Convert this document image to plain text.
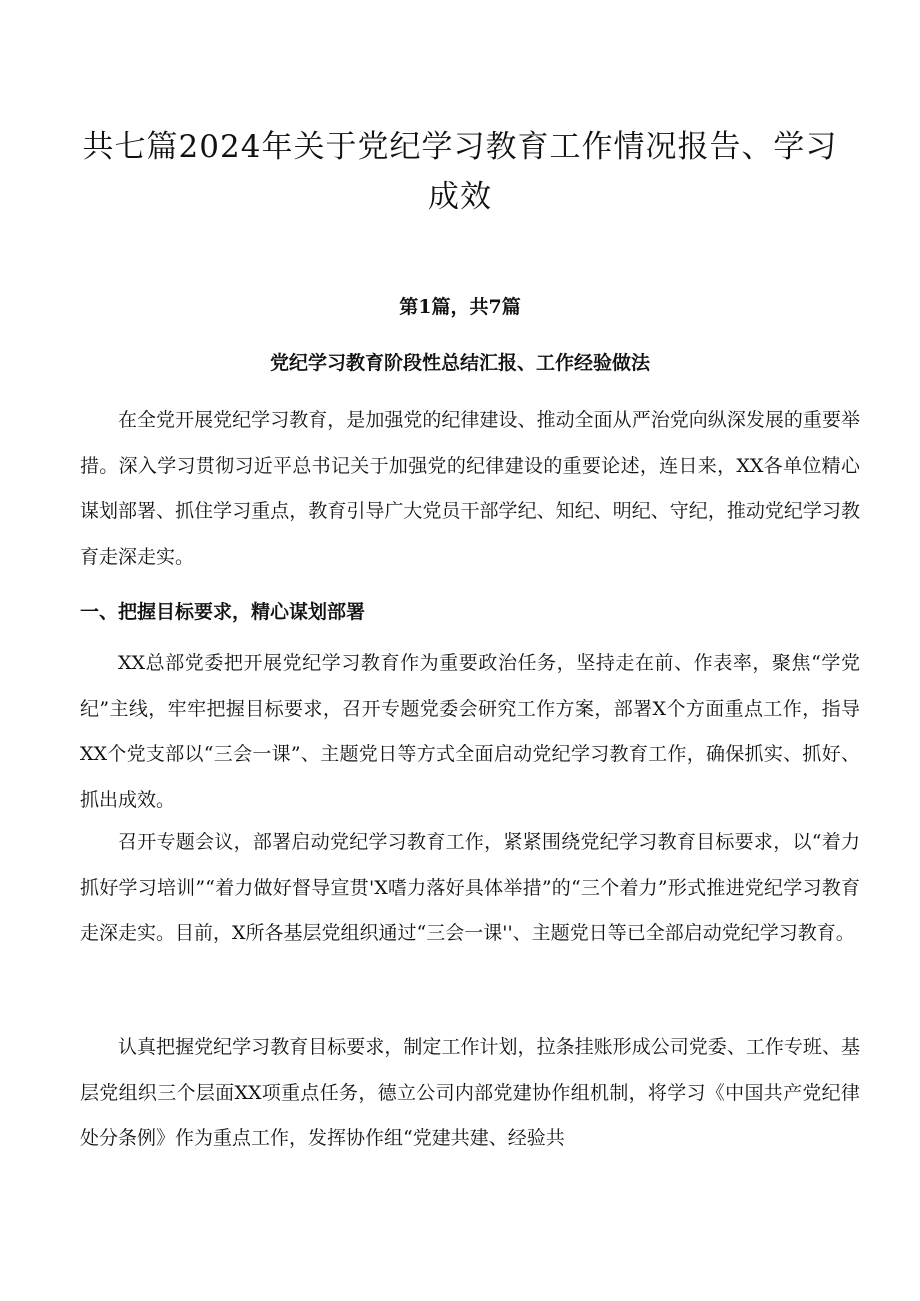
共七篇2024年关于党纪学习教育工作情况报告、学习成效
第1篇，共7篇
党纪学习教育阶段性总结汇报、工作经验做法

在全党开展党纪学习教育，是加强党的纪律建设、推动全面从严治党向纵深发展的重要举措。深入学习贯彻习近平总书记关于加强党的纪律建设的重要论述，连日来，XX各单位精心谋划部署、抓住学习重点，教育引导广大党员干部学纪、知纪、明纪、守纪，推动党纪学习教育走深走实。

一、把握目标要求，精心谋划部署

XX总部党委把开展党纪学习教育作为重要政治任务，坚持走在前、作表率，聚焦“学党纪”主线，牢牢把握目标要求，召开专题党委会研究工作方案，部署X个方面重点工作，指导XX个党支部以“三会一课”、主题党日等方式全面启动党纪学习教育工作，确保抓实、抓好、抓出成效。

召开专题会议，部署启动党纪学习教育工作，紧紧围绕党纪学习教育目标要求，以“着力抓好学习培训”“着力做好督导宣贯'X嗜力落好具体举措”的“三个着力”形式推进党纪学习教育走深走实。目前，X所各基层党组织通过“三会一课''、主题党日等已全部启动党纪学习教育。

认真把握党纪学习教育目标要求，制定工作计划，拉条挂账形成公司党委、工作专班、基层党组织三个层面XX项重点任务，德立公司内部党建协作组机制，将学习《中国共产党纪律处分条例》作为重点工作，发挥协作组“党建共建、经验共
